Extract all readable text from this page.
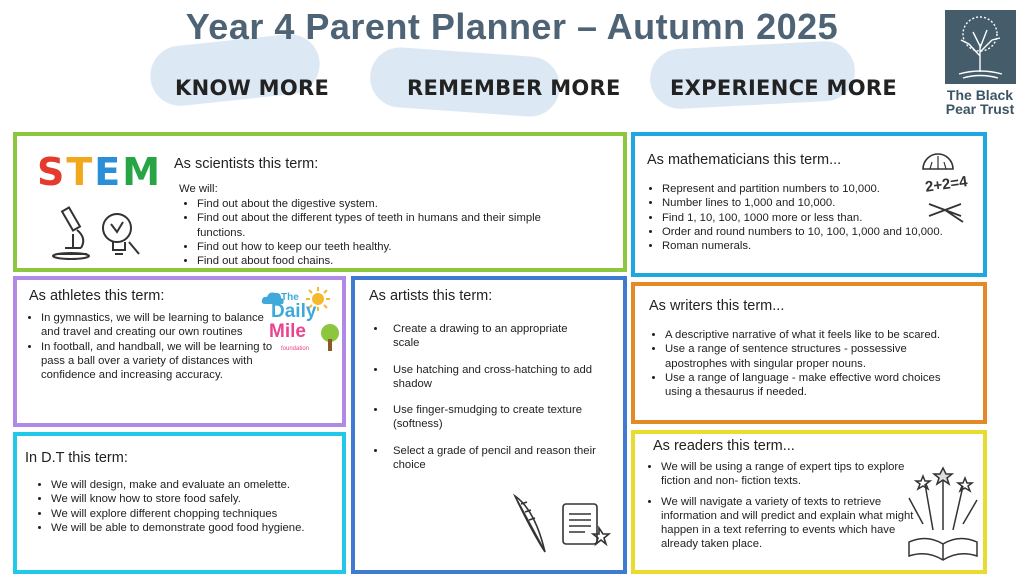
Year 4 Parent Planner – Autumn 2025
KNOW MORE	REMEMBER MORE EXPERIENCE MORE	The Black
Pear Trust
STEM As scientists this term:
We will:
• Find out about the digestive system.
• Find out about the different types of teeth in humans and their simple functions.
• Find out how to keep our teeth healthy.
• Find out about food chains.
As mathematicians this term...
• Represent and partition numbers to 10,000.
• Number lines to 1,000 and 10,000.
• Find 1, 10, 100, 1000 more or less than.
• Order and round numbers to 10, 100, 1,000 and 10,000.
• Roman numerals.
2+2=4
As athletes this term:
• In gymnastics, we will be learning to balance and travel and creating our own routines
• In football, and handball, we will be learning to pass a ball over a variety of distances with confidence and increasing accuracy.
The
Daily
Mile
foundation
As artists this term:
• Create a drawing to an appropriate scale
• Use hatching and cross-hatching to add shadow
• Use finger-smudging to create texture (softness)
• Select a grade of pencil and reason their choice
As writers this term...
• A descriptive narrative of what it feels like to be scared.
• Use a range of sentence structures - possessive apostrophes with singular proper nouns.
• Use a range of language - make effective word choices using a thesaurus if needed.
In D.T this term:
• We will design, make and evaluate an omelette.
• We will know how to store food safely.
• We will explore different chopping techniques
• We will be able to demonstrate good food hygiene.
As readers this term...
• We will be using a range of expert tips to explore fiction and non- fiction texts.
• We will navigate a variety of texts to retrieve information and will predict and explain what might happen in a text referring to events which have already taken place.
